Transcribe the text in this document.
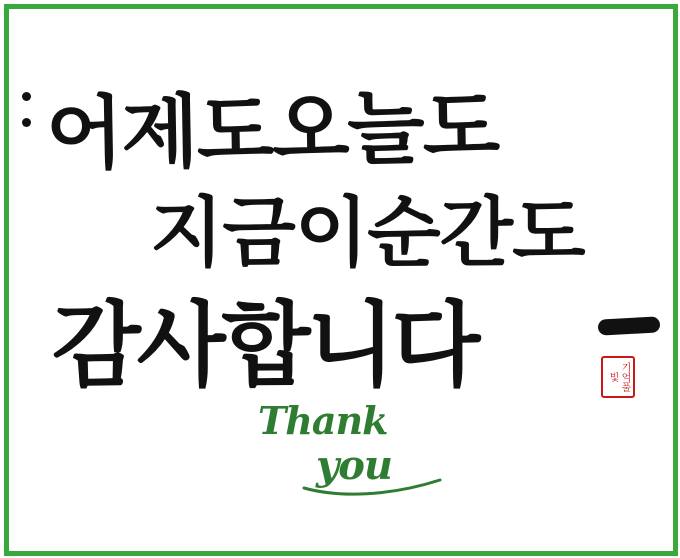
어제도오늘도
지금이순간도
감사합니다	기억풀빛
Thank
you
